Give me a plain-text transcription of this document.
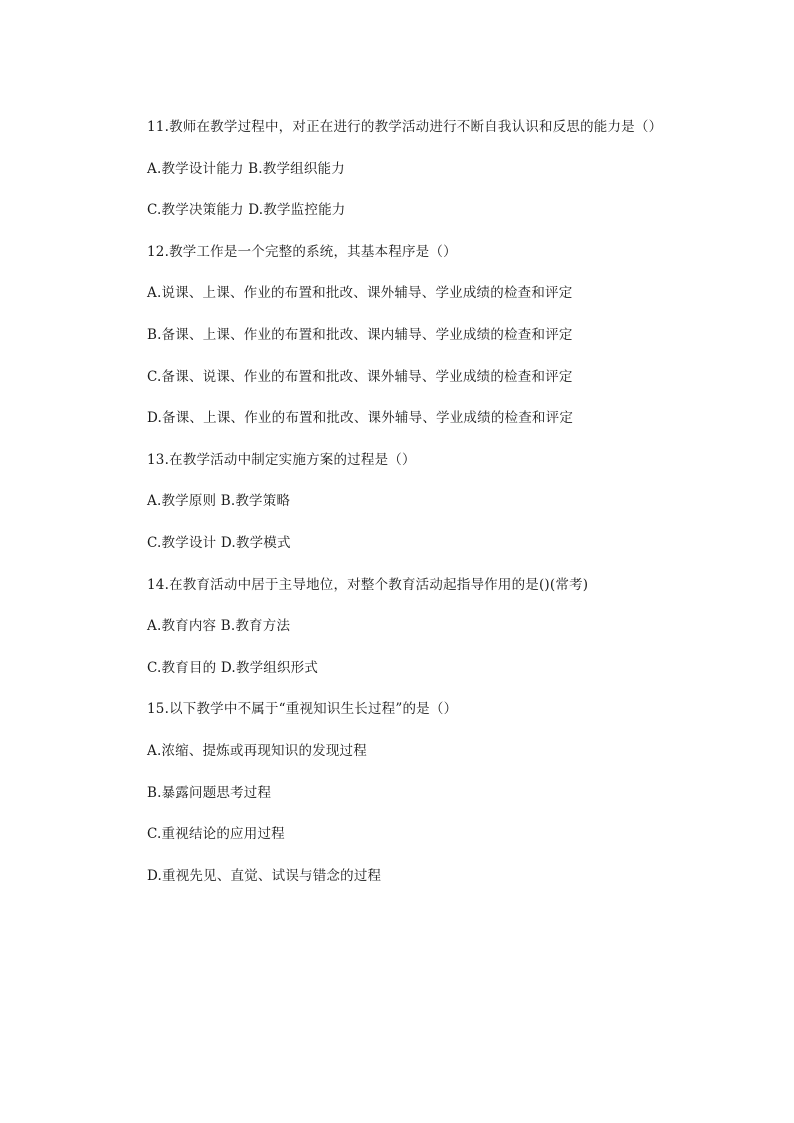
11.教师在教学过程中，对正在进行的教学活动进行不断自我认识和反思的能力是（）
A.教学设计能力 B.教学组织能力
C.教学决策能力 D.教学监控能力
12.教学工作是一个完整的系统，其基本程序是（）
A.说课、上课、作业的布置和批改、课外辅导、学业成绩的检查和评定
B.备课、上课、作业的布置和批改、课内辅导、学业成绩的检查和评定
C.备课、说课、作业的布置和批改、课外辅导、学业成绩的检查和评定
D.备课、上课、作业的布置和批改、课外辅导、学业成绩的检查和评定
13.在教学活动中制定实施方案的过程是（）
A.教学原则 B.教学策略
C.教学设计 D.教学模式
14.在教育活动中居于主导地位，对整个教育活动起指导作用的是()(常考)
A.教育内容 B.教育方法
C.教育目的 D.教学组织形式
15.以下教学中不属于“重视知识生长过程”的是（）
A.浓缩、提炼或再现知识的发现过程
B.暴露问题思考过程
C.重视结论的应用过程
D.重视先见、直觉、试误与错念的过程
